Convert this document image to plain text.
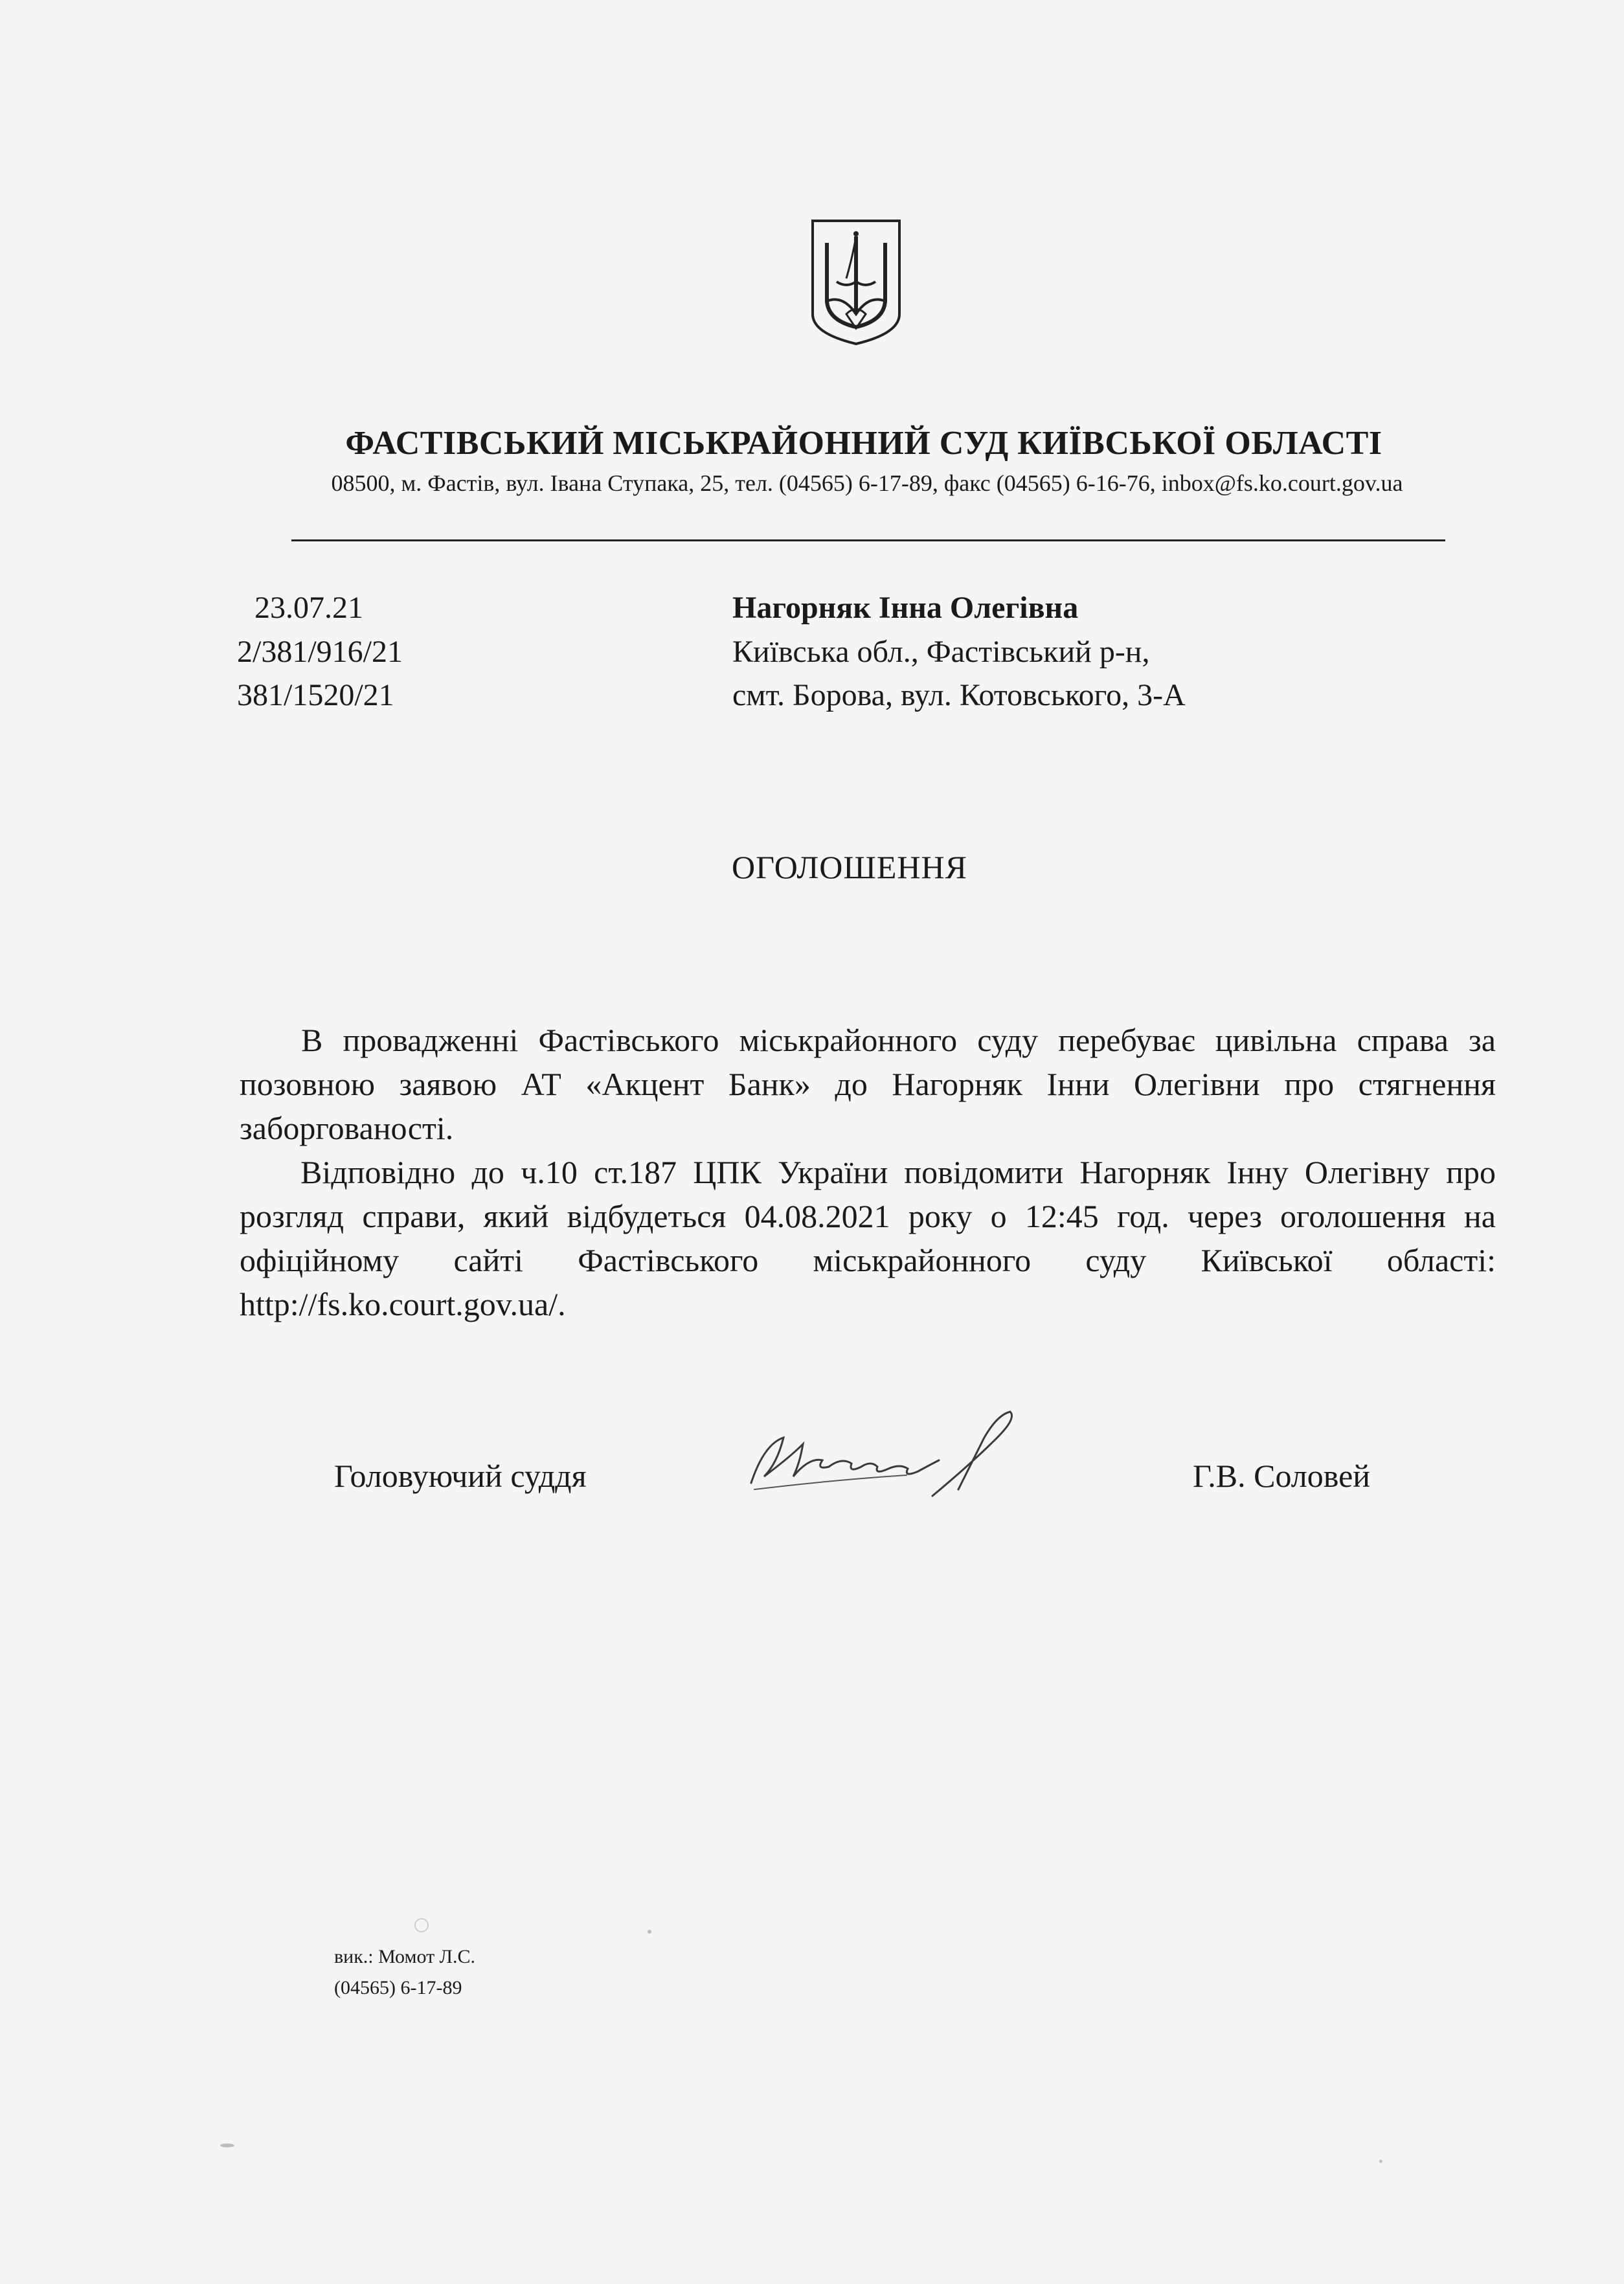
ФАСТІВСЬКИЙ МІСЬКРАЙОННИЙ СУД КИЇВСЬКОЇ ОБЛАСТІ

08500, м. Фастів, вул. Івана Ступака, 25, тел. (04565) 6-17-89, факс (04565) 6-16-76, inbox@fs.ko.court.gov.ua

23.07.21

2/381/916/21

381/1520/21

Нагорняк Інна Олегівна

Київська обл., Фастівський р-н,

смт. Борова, вул. Котовського, 3-А

ОГОЛОШЕННЯ

В провадженні Фастівського міськрайонного суду перебуває цивільна справа за позовною заявою АТ «Акцент Банк» до Нагорняк Інни Олегівни про стягнення заборгованості.

Відповідно до ч.10 ст.187 ЦПК України повідомити Нагорняк Інну Олегівну про розгляд справи, який відбудеться 04.08.2021 року о 12:45 год. через оголошення на офіційному сайті Фастівського міськрайонного суду Київської області: http://fs.ko.court.gov.ua/.

Головуючий суддя	Г.В. Соловей

вик.: Момот Л.С.
(04565) 6-17-89
